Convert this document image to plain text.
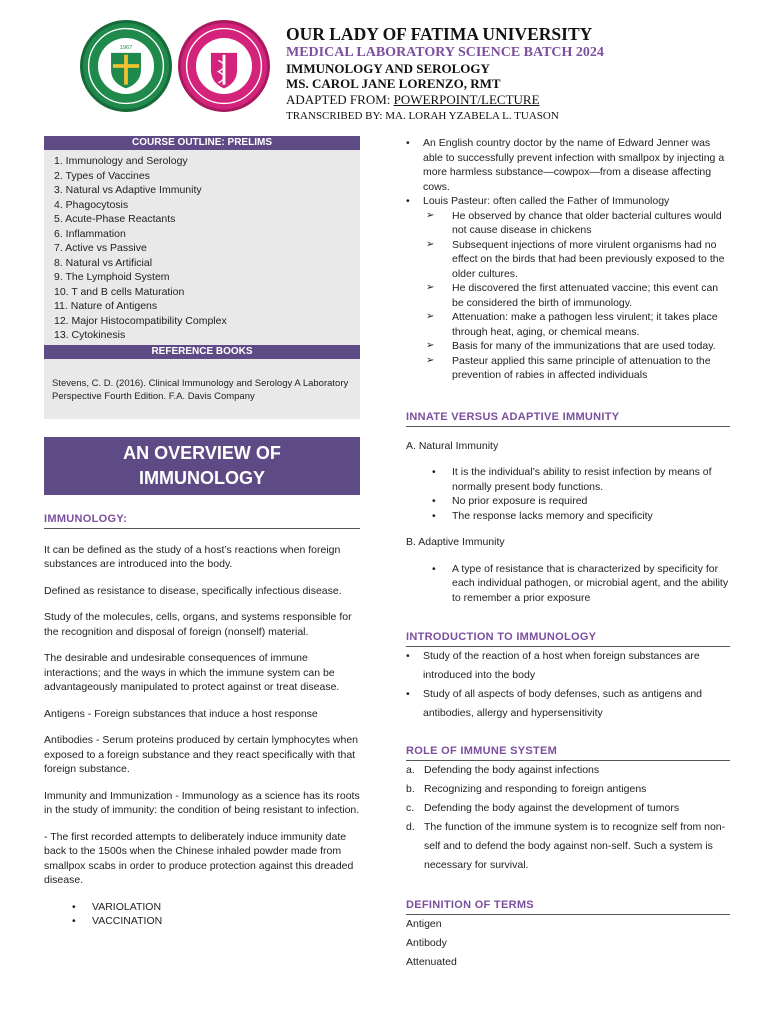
1967
OUR LADY OF FATIMA UNIVERSITY
MEDICAL LABORATORY SCIENCE BATCH 2024
IMMUNOLOGY AND SEROLOGY
MS. CAROL JANE LORENZO, RMT
ADAPTED FROM: POWERPOINT/LECTURE
TRANSCRIBED BY: MA. LORAH YZABELA L. TUASON
COURSE OUTLINE: PRELIMS
1. Immunology and Serology
2. Types of Vaccines
3. Natural vs Adaptive Immunity
4. Phagocytosis
5. Acute-Phase Reactants
6. Inflammation
7. Active vs Passive
8. Natural vs Artificial
9. The Lymphoid System
10. T and B cells Maturation
11. Nature of Antigens
12. Major Histocompatibility Complex
13. Cytokinesis
REFERENCE BOOKS
Stevens, C. D. (2016). Clinical Immunology and Serology A Laboratory Perspective Fourth Edition. F.A. Davis Company
AN OVERVIEW OF
IMMUNOLOGY
IMMUNOLOGY:
It can be defined as the study of a host’s reactions when foreign substances are introduced into the body.
Defined as resistance to disease, specifically infectious disease.
Study of the molecules, cells, organs, and systems responsible for the recognition and disposal of foreign (nonself) material.
The desirable and undesirable consequences of immune interactions; and the ways in which the immune system can be advantageously manipulated to protect against or treat disease.
Antigens - Foreign substances that induce a host response
Antibodies - Serum proteins produced by certain lymphocytes when exposed to a foreign substance and they react specifically with that foreign substance.
Immunity and Immunization - Immunology as a science has its roots in the study of immunity: the condition of being resistant to infection.
- The first recorded attempts to deliberately induce immunity date back to the 1500s when the Chinese inhaled powder made from smallpox scabs in order to produce protection against this dreaded disease.
• VARIOLATION
• VACCINATION
• An English country doctor by the name of Edward Jenner was able to successfully prevent infection with smallpox by injecting a more harmless substance—cowpox—from a disease affecting cows.
• Louis Pasteur: often called the Father of Immunology
➢ He observed by chance that older bacterial cultures would not cause disease in chickens
➢ Subsequent injections of more virulent organisms had no effect on the birds that had been previously exposed to the older cultures.
➢ He discovered the first attenuated vaccine; this event can be considered the birth of immunology.
➢ Attenuation: make a pathogen less virulent; it takes place through heat, aging, or chemical means.
➢ Basis for many of the immunizations that are used today.
➢ Pasteur applied this same principle of attenuation to the prevention of rabies in affected individuals
INNATE VERSUS ADAPTIVE IMMUNITY
A. Natural Immunity
• It is the individual’s ability to resist infection by means of normally present body functions.
• No prior exposure is required
• The response lacks memory and specificity
B. Adaptive Immunity
• A type of resistance that is characterized by specificity for each individual pathogen, or microbial agent, and the ability to remember a prior exposure
INTRODUCTION TO IMMUNOLOGY
• Study of the reaction of a host when foreign substances are introduced into the body
• Study of all aspects of body defenses, such as antigens and antibodies, allergy and hypersensitivity
ROLE OF IMMUNE SYSTEM
a. Defending the body against infections
b. Recognizing and responding to foreign antigens
c. Defending the body against the development of tumors
d. The function of the immune system is to recognize self from non-self and to defend the body against non-self. Such a system is necessary for survival.
DEFINITION OF TERMS
Antigen
Antibody
Attenuated
